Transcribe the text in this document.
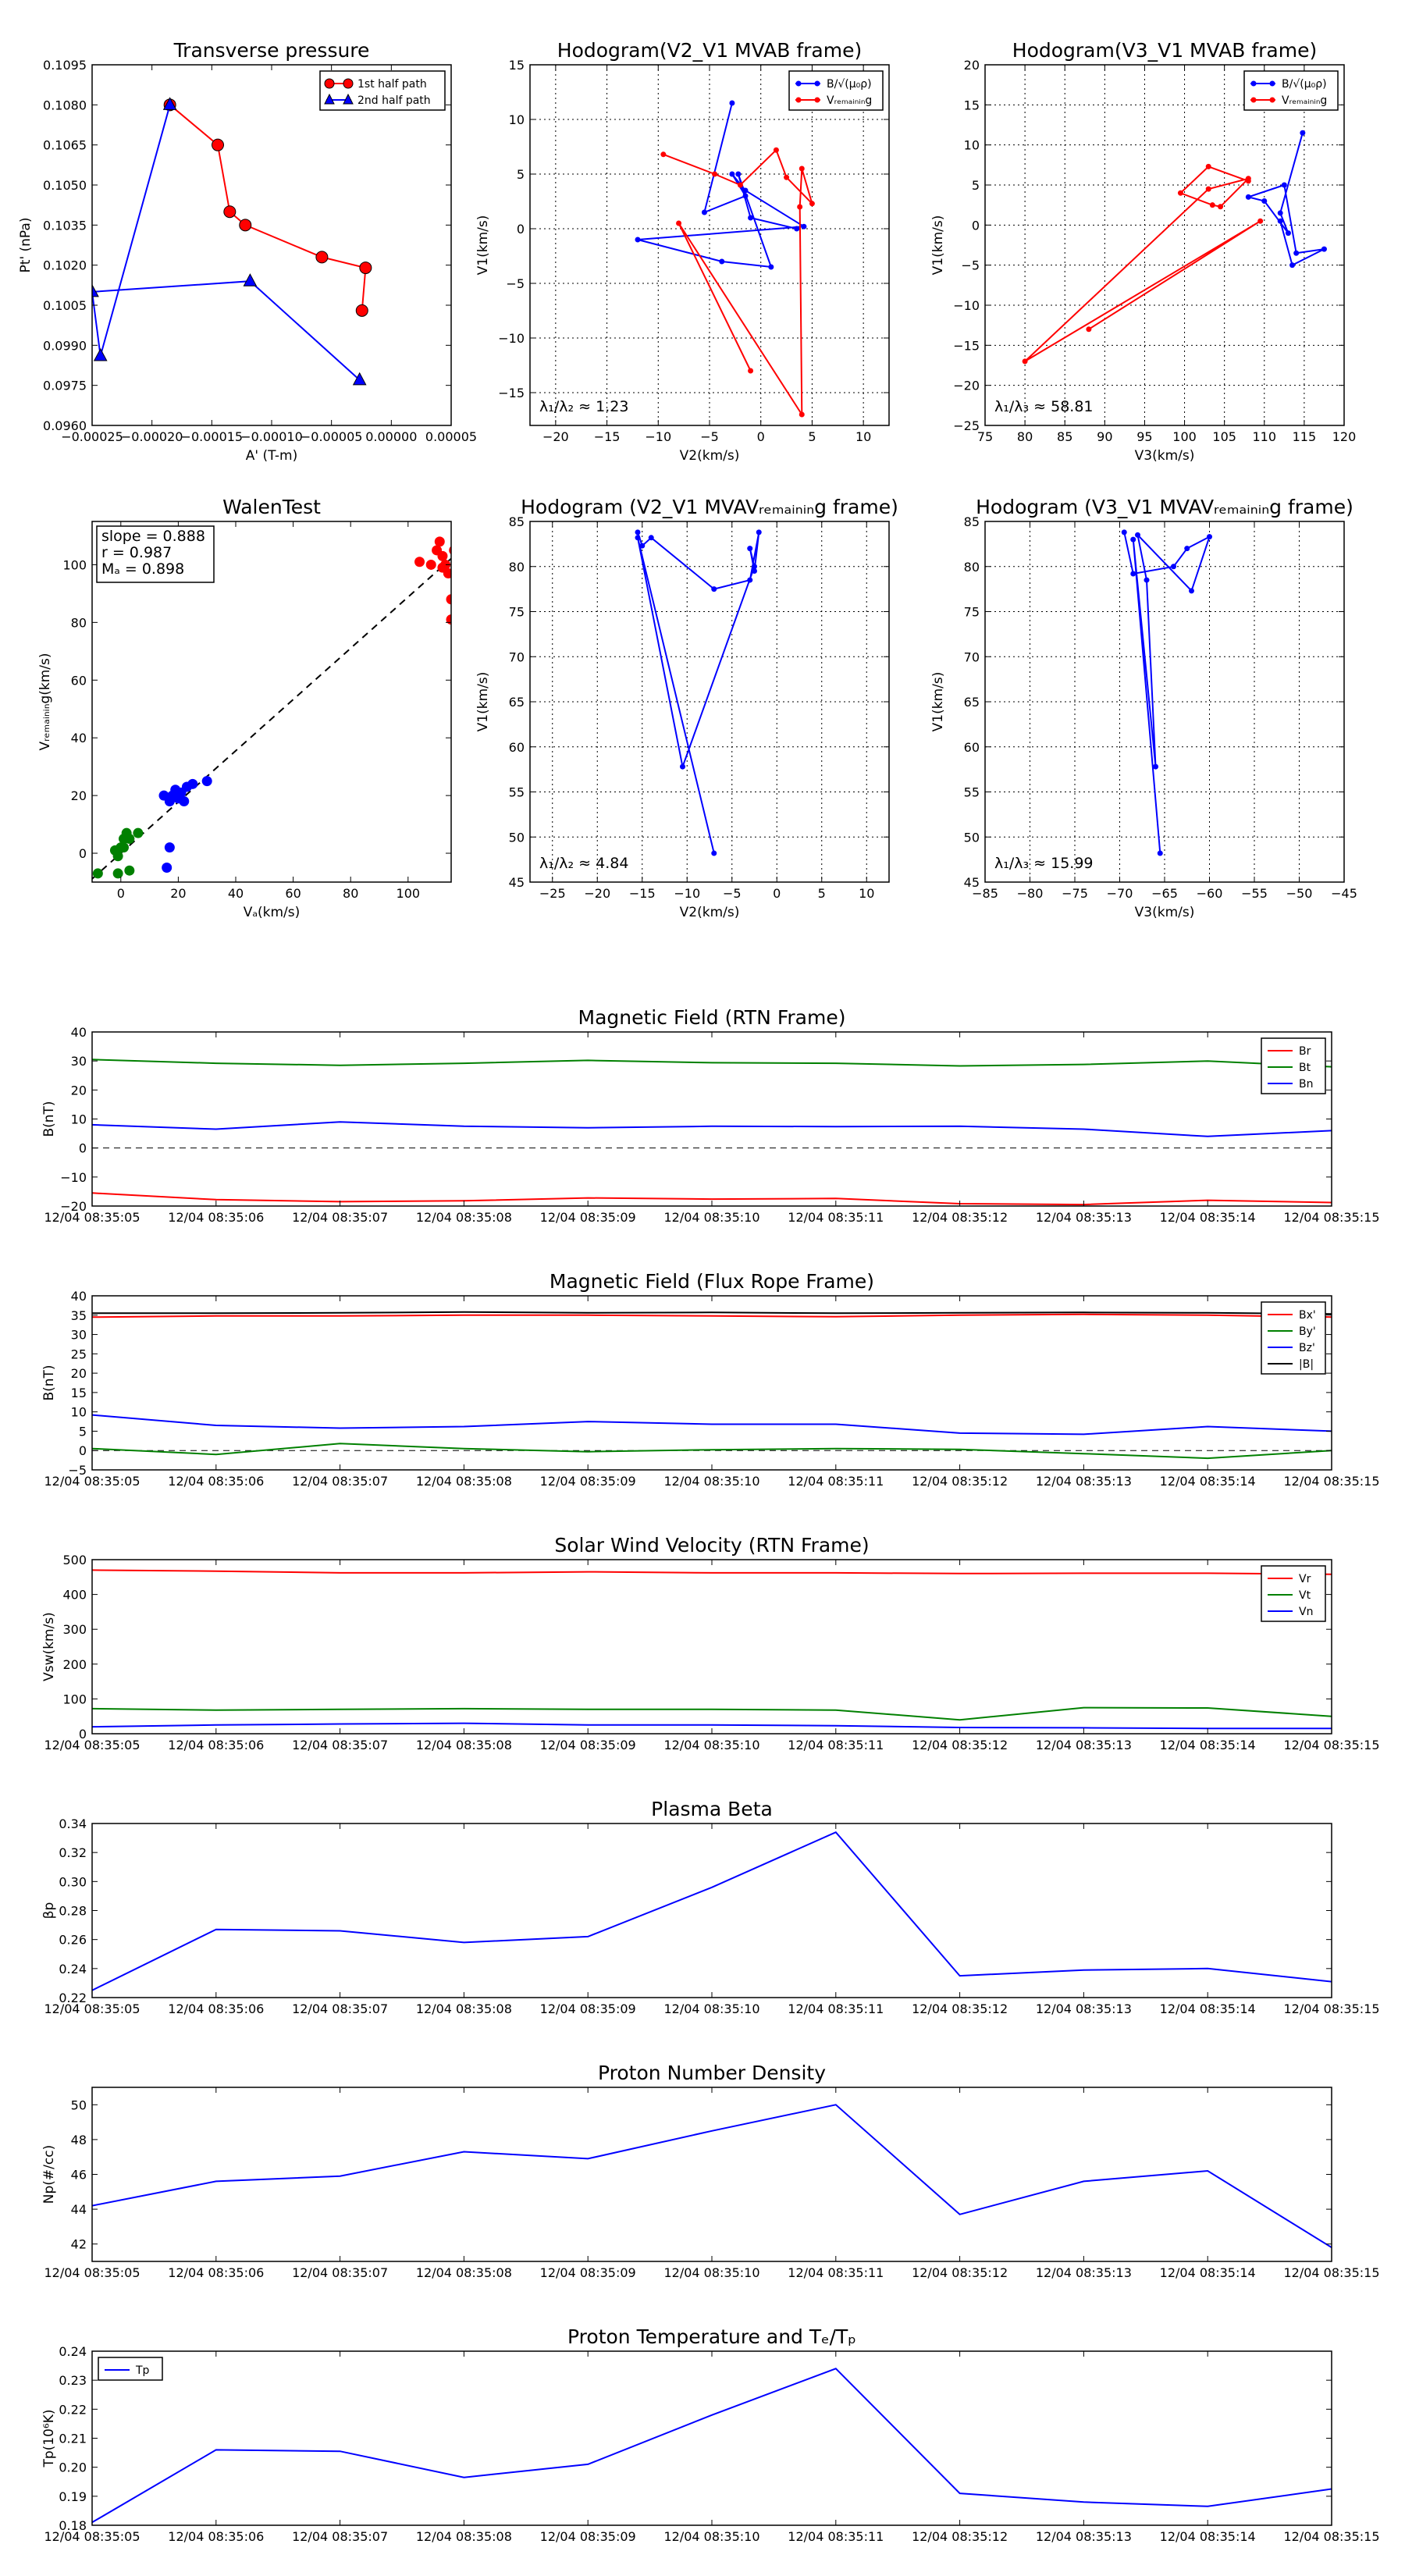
−0.00025
−0.00020
−0.00015
−0.00010
−0.00005 0.00000 0.00005
0.0960
0.0975
0.0990
0.1005
0.1020
0.1035
0.1050
0.1065
0.1080
0.1095
Transverse pressure
A' (T-m)
Pt' (nPa)
1st half path
2nd half path
−20 −15 −10 −5	0	5	10
−15
−10
−5
0
5
10
15
Hodogram(V2_V1 MVAB frame)
V2(km/s)
V1(km/s)
λ₁/λ₂ ≈ 1.23
B/√(μ₀ρ)
Vᵣₑₘₐᵢₙᵢₙg
75 80 85 90 95 100 105 110 115 120
−25
−20
−15
−10
−5
0
5
10
15
20
Hodogram(V3_V1 MVAB frame)
V3(km/s)
V1(km/s)
λ₁/λ₃ ≈ 58.81
B/√(μ₀ρ)
Vᵣₑₘₐᵢₙᵢₙg
0	20	40	60	80	100
0
20
40
60
80
100
WalenTest
Vₐ(km/s)
Vᵣₑₘₐᵢₙᵢₙg(km/s)
slope = 0.888
r = 0.987
Mₐ = 0.898
−25 −20 −15 −10 −5	0	5	10
45
50
55
60
65
70
75
80
85
Hodogram (V2_V1 MVAVᵣₑₘₐᵢₙᵢₙg frame)
V2(km/s)
V1(km/s)
λ₁/λ₂ ≈ 4.84
−85 −80 −75 −70 −65 −60 −55 −50 −45
45
50
55
60
65
70
75
80
85
Hodogram (V3_V1 MVAVᵣₑₘₐᵢₙᵢₙg frame)
V3(km/s)
V1(km/s)
λ₁/λ₃ ≈ 15.99
12/04 08:35:05 12/04 08:35:06 12/04 08:35:07 12/04 08:35:08 12/04 08:35:09 12/04 08:35:10 12/04 08:35:11 12/04 08:35:12 12/04 08:35:13 12/04 08:35:14 12/04 08:35:15
−20
−10
0
10
20
30
40
Magnetic Field (RTN Frame)
B(nT)
Br
Bt
Bn
12/04 08:35:05 12/04 08:35:06 12/04 08:35:07 12/04 08:35:08 12/04 08:35:09 12/04 08:35:10 12/04 08:35:11 12/04 08:35:12 12/04 08:35:13 12/04 08:35:14 12/04 08:35:15
−5
0
5
10
15
20
25
30
35
40
Magnetic Field (Flux Rope Frame)
B(nT)
Bx'
By'
Bz'
|B|
12/04 08:35:05 12/04 08:35:06 12/04 08:35:07 12/04 08:35:08 12/04 08:35:09 12/04 08:35:10 12/04 08:35:11 12/04 08:35:12 12/04 08:35:13 12/04 08:35:14 12/04 08:35:15
0
100
200
300
400
500
Solar Wind Velocity (RTN Frame)
Vsw(km/s)
Vr
Vt
Vn
12/04 08:35:05 12/04 08:35:06 12/04 08:35:07 12/04 08:35:08 12/04 08:35:09 12/04 08:35:10 12/04 08:35:11 12/04 08:35:12 12/04 08:35:13 12/04 08:35:14 12/04 08:35:15
0.22
0.24
0.26
0.28
0.30
0.32
0.34
Plasma Beta
βp
12/04 08:35:05 12/04 08:35:06 12/04 08:35:07 12/04 08:35:08 12/04 08:35:09 12/04 08:35:10 12/04 08:35:11 12/04 08:35:12 12/04 08:35:13 12/04 08:35:14 12/04 08:35:15
42
44
46
48
50
Proton Number Density
Np(#/cc)
12/04 08:35:05 12/04 08:35:06 12/04 08:35:07 12/04 08:35:08 12/04 08:35:09 12/04 08:35:10 12/04 08:35:11 12/04 08:35:12 12/04 08:35:13 12/04 08:35:14 12/04 08:35:15
0.18
0.19
0.20
0.21
0.22
0.23
0.24
Proton Temperature and Tₑ/Tₚ
Tp(10⁶K)
Tp
